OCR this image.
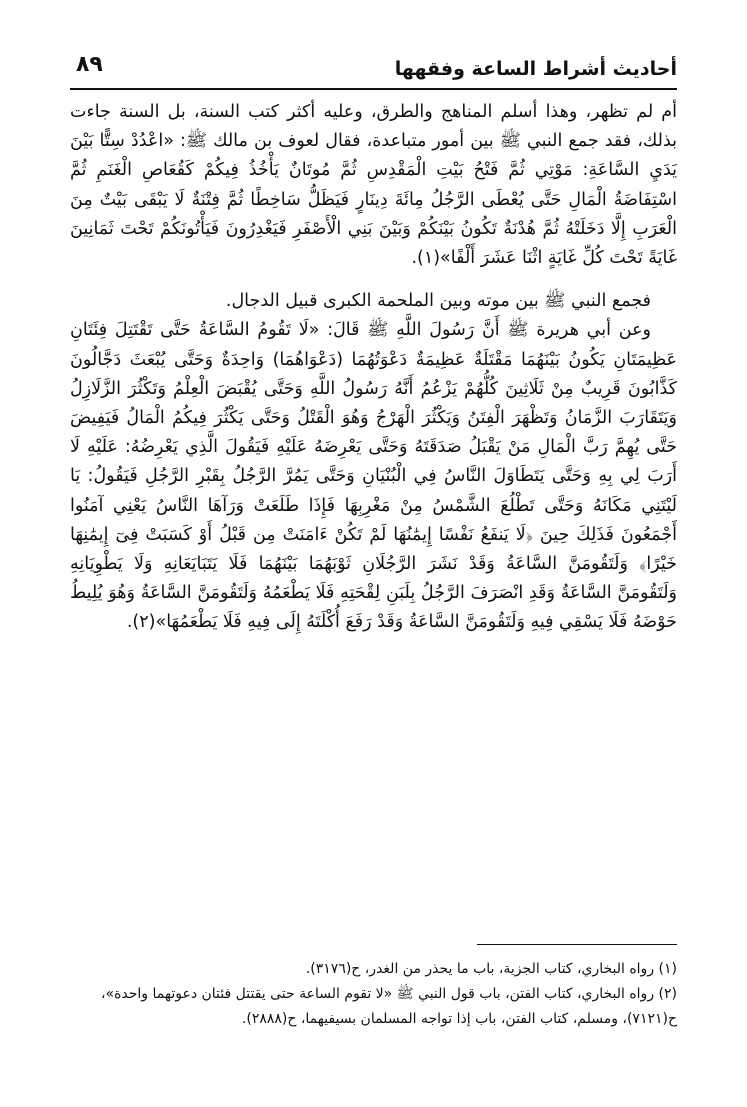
أحاديث أشراط الساعة وفقهها
٨٩

أم لم تظهر، وهذا أسلم المناهج والطرق، وعليه أكثر كتب السنة، بل السنة جاءت بذلك، فقد جمع النبي ﷺ بين أمور متباعدة، فقال لعوف بن مالك ﷺ: «اعْدُدْ سِتًّا بَيْنَ يَدَيِ السَّاعَةِ: مَوْتِي ثُمَّ فَتْحُ بَيْتِ الْمَقْدِسِ ثُمَّ مُوتَانٌ يَأْخُذُ فِيكُمْ كَقُعَاصِ الْغَنَمِ ثُمَّ اسْتِفَاضَةُ الْمَالِ حَتَّى يُعْطَى الرَّجُلُ مِائَةَ دِينَارٍ فَيَظَلُّ سَاخِطًا ثُمَّ فِتْنَةٌ لَا يَبْقَى بَيْتٌ مِنَ الْعَرَبِ إِلَّا دَخَلَتْهُ ثُمَّ هُدْنَةٌ تَكُونُ بَيْنَكُمْ وَبَيْنَ بَنِي الْأَصْفَرِ فَيَغْدِرُونَ فَيَأْتُونَكُمْ تَحْتَ ثَمَانِينَ غَايَةً تَحْتَ كُلِّ غَايَةٍ اثْنَا عَشَرَ أَلْفًا»(١).

فجمع النبي ﷺ بين موته وبين الملحمة الكبرى قبيل الدجال.

وعن أبي هريرة ﷺ أَنَّ رَسُولَ اللَّهِ ﷺ قَالَ: «لَا تَقُومُ السَّاعَةُ حَتَّى تَقْتَتِلَ فِئَتَانِ عَظِيمَتَانِ يَكُونُ بَيْنَهُمَا مَقْتَلَةٌ عَظِيمَةٌ دَعْوَتُهُمَا (دَعْوَاهُمَا) وَاحِدَةٌ وَحَتَّى يُبْعَثَ دَجَّالُونَ كَذَّابُونَ قَرِيبٌ مِنْ ثَلَاثِينَ كُلُّهُمْ يَزْعُمُ أَنَّهُ رَسُولُ اللَّهِ وَحَتَّى يُقْبَضَ الْعِلْمُ وَتَكْثُرَ الزَّلَازِلُ وَيَتَقَارَبَ الزَّمَانُ وَتَظْهَرَ الْفِتَنُ وَيَكْثُرَ الْهَرْجُ وَهُوَ الْقَتْلُ وَحَتَّى يَكْثُرَ فِيكُمُ الْمَالُ فَيَفِيضَ حَتَّى يُهِمَّ رَبَّ الْمَالِ مَنْ يَقْبَلُ صَدَقَتَهُ وَحَتَّى يَعْرِضَهُ عَلَيْهِ فَيَقُولَ الَّذِي يَعْرِضُهُ: عَلَيْهِ لَا أَرَبَ لِي بِهِ وَحَتَّى يَتَطَاوَلَ النَّاسُ فِي الْبُنْيَانِ وَحَتَّى يَمُرَّ الرَّجُلُ بِقَبْرِ الرَّجُلِ فَيَقُولُ: يَا لَيْتَنِي مَكَانَهُ وَحَتَّى تَطْلُعَ الشَّمْسُ مِنْ مَغْرِبِهَا فَإِذَا طَلَعَتْ وَرَآهَا النَّاسُ يَعْنِي آمَنُوا أَجْمَعُونَ فَذَلِكَ حِينَ ﴿لَا يَنفَعُ نَفْسًا إِيمَٰنُهَا لَمْ تَكُنْ ءَامَنَتْ مِن قَبْلُ أَوْ كَسَبَتْ فِىٓ إِيمَٰنِهَا خَيْرًا﴾ وَلَتَقُومَنَّ السَّاعَةُ وَقَدْ نَشَرَ الرَّجُلَانِ ثَوْبَهُمَا بَيْنَهُمَا فَلَا يَتَبَايَعَانِهِ وَلَا يَطْوِيَانِهِ وَلَتَقُومَنَّ السَّاعَةُ وَقَدِ انْصَرَفَ الرَّجُلُ بِلَبَنِ لِقْحَتِهِ فَلَا يَطْعَمُهُ وَلَتَقُومَنَّ السَّاعَةُ وَهُوَ يُلِيطُ حَوْضَهُ فَلَا يَسْقِي فِيهِ وَلَتَقُومَنَّ السَّاعَةُ وَقَدْ رَفَعَ أُكْلَتَهُ إِلَى فِيهِ فَلَا يَطْعَمُهَا»(٢).

(١) رواه البخاري، كتاب الجزية، باب ما يحذر من الغدر، ح(٣١٧٦).

(٢) رواه البخاري، كتاب الفتن، باب قول النبي ﷺ «لا تقوم الساعة حتى يقتتل فئتان دعوتهما واحدة»، ح(٧١٢١)، ومسلم، كتاب الفتن، باب إذا تواجه المسلمان بسيفيهما، ح(٢٨٨٨).
